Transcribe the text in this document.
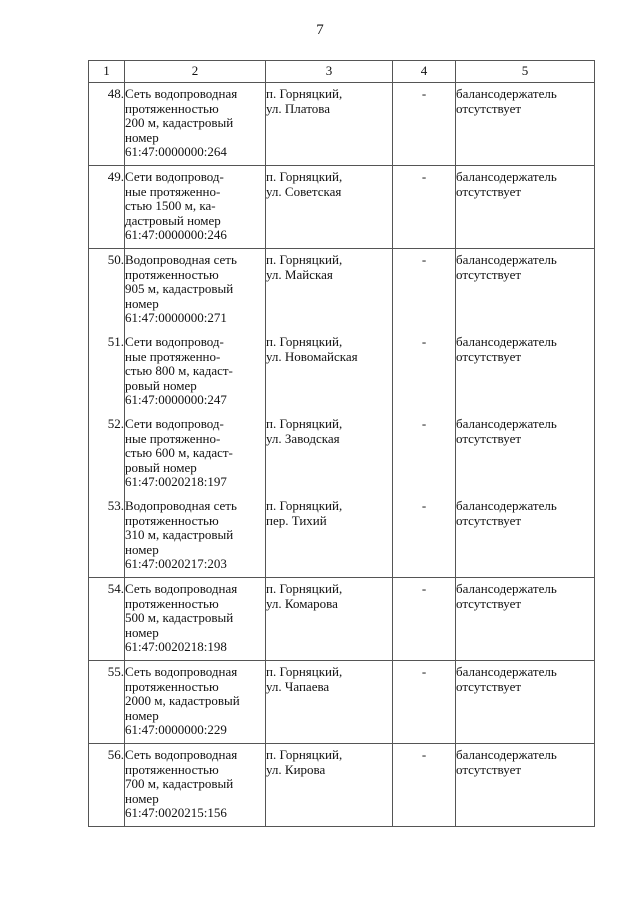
7
1	2	3	4	5
48.	Сеть водопроводная
протяженностью
200 м, кадастровый
номер
61:47:0000000:264	п. Горняцкий,
ул. Платова	-	балансодержатель
отсутствует
49.	Сети водопровод-
ные протяженно-
стью 1500 м, ка-
дастровый номер
61:47:0000000:246	п. Горняцкий,
ул. Советская	-	балансодержатель
отсутствует
50.	Водопроводная сеть
протяженностью
905 м, кадастровый
номер
61:47:0000000:271	п. Горняцкий,
ул. Майская	-	балансодержатель
отсутствует
51.	Сети водопровод-
ные протяженно-
стью 800 м, кадаст-
ровый номер
61:47:0000000:247	п. Горняцкий,
ул. Новомайская	-	балансодержатель
отсутствует
52.	Сети водопровод-
ные протяженно-
стью 600 м, кадаст-
ровый номер
61:47:0020218:197	п. Горняцкий,
ул. Заводская	-	балансодержатель
отсутствует
53.	Водопроводная сеть
протяженностью
310 м, кадастровый
номер
61:47:0020217:203	п. Горняцкий,
пер. Тихий	-	балансодержатель
отсутствует
54.	Сеть водопроводная
протяженностью
500 м, кадастровый
номер
61:47:0020218:198	п. Горняцкий,
ул. Комарова	-	балансодержатель
отсутствует
55.	Сеть водопроводная
протяженностью
2000 м, кадастровый
номер
61:47:0000000:229	п. Горняцкий,
ул. Чапаева	-	балансодержатель
отсутствует
56.	Сеть водопроводная
протяженностью
700 м, кадастровый
номер
61:47:0020215:156	п. Горняцкий,
ул. Кирова	-	балансодержатель
отсутствует
